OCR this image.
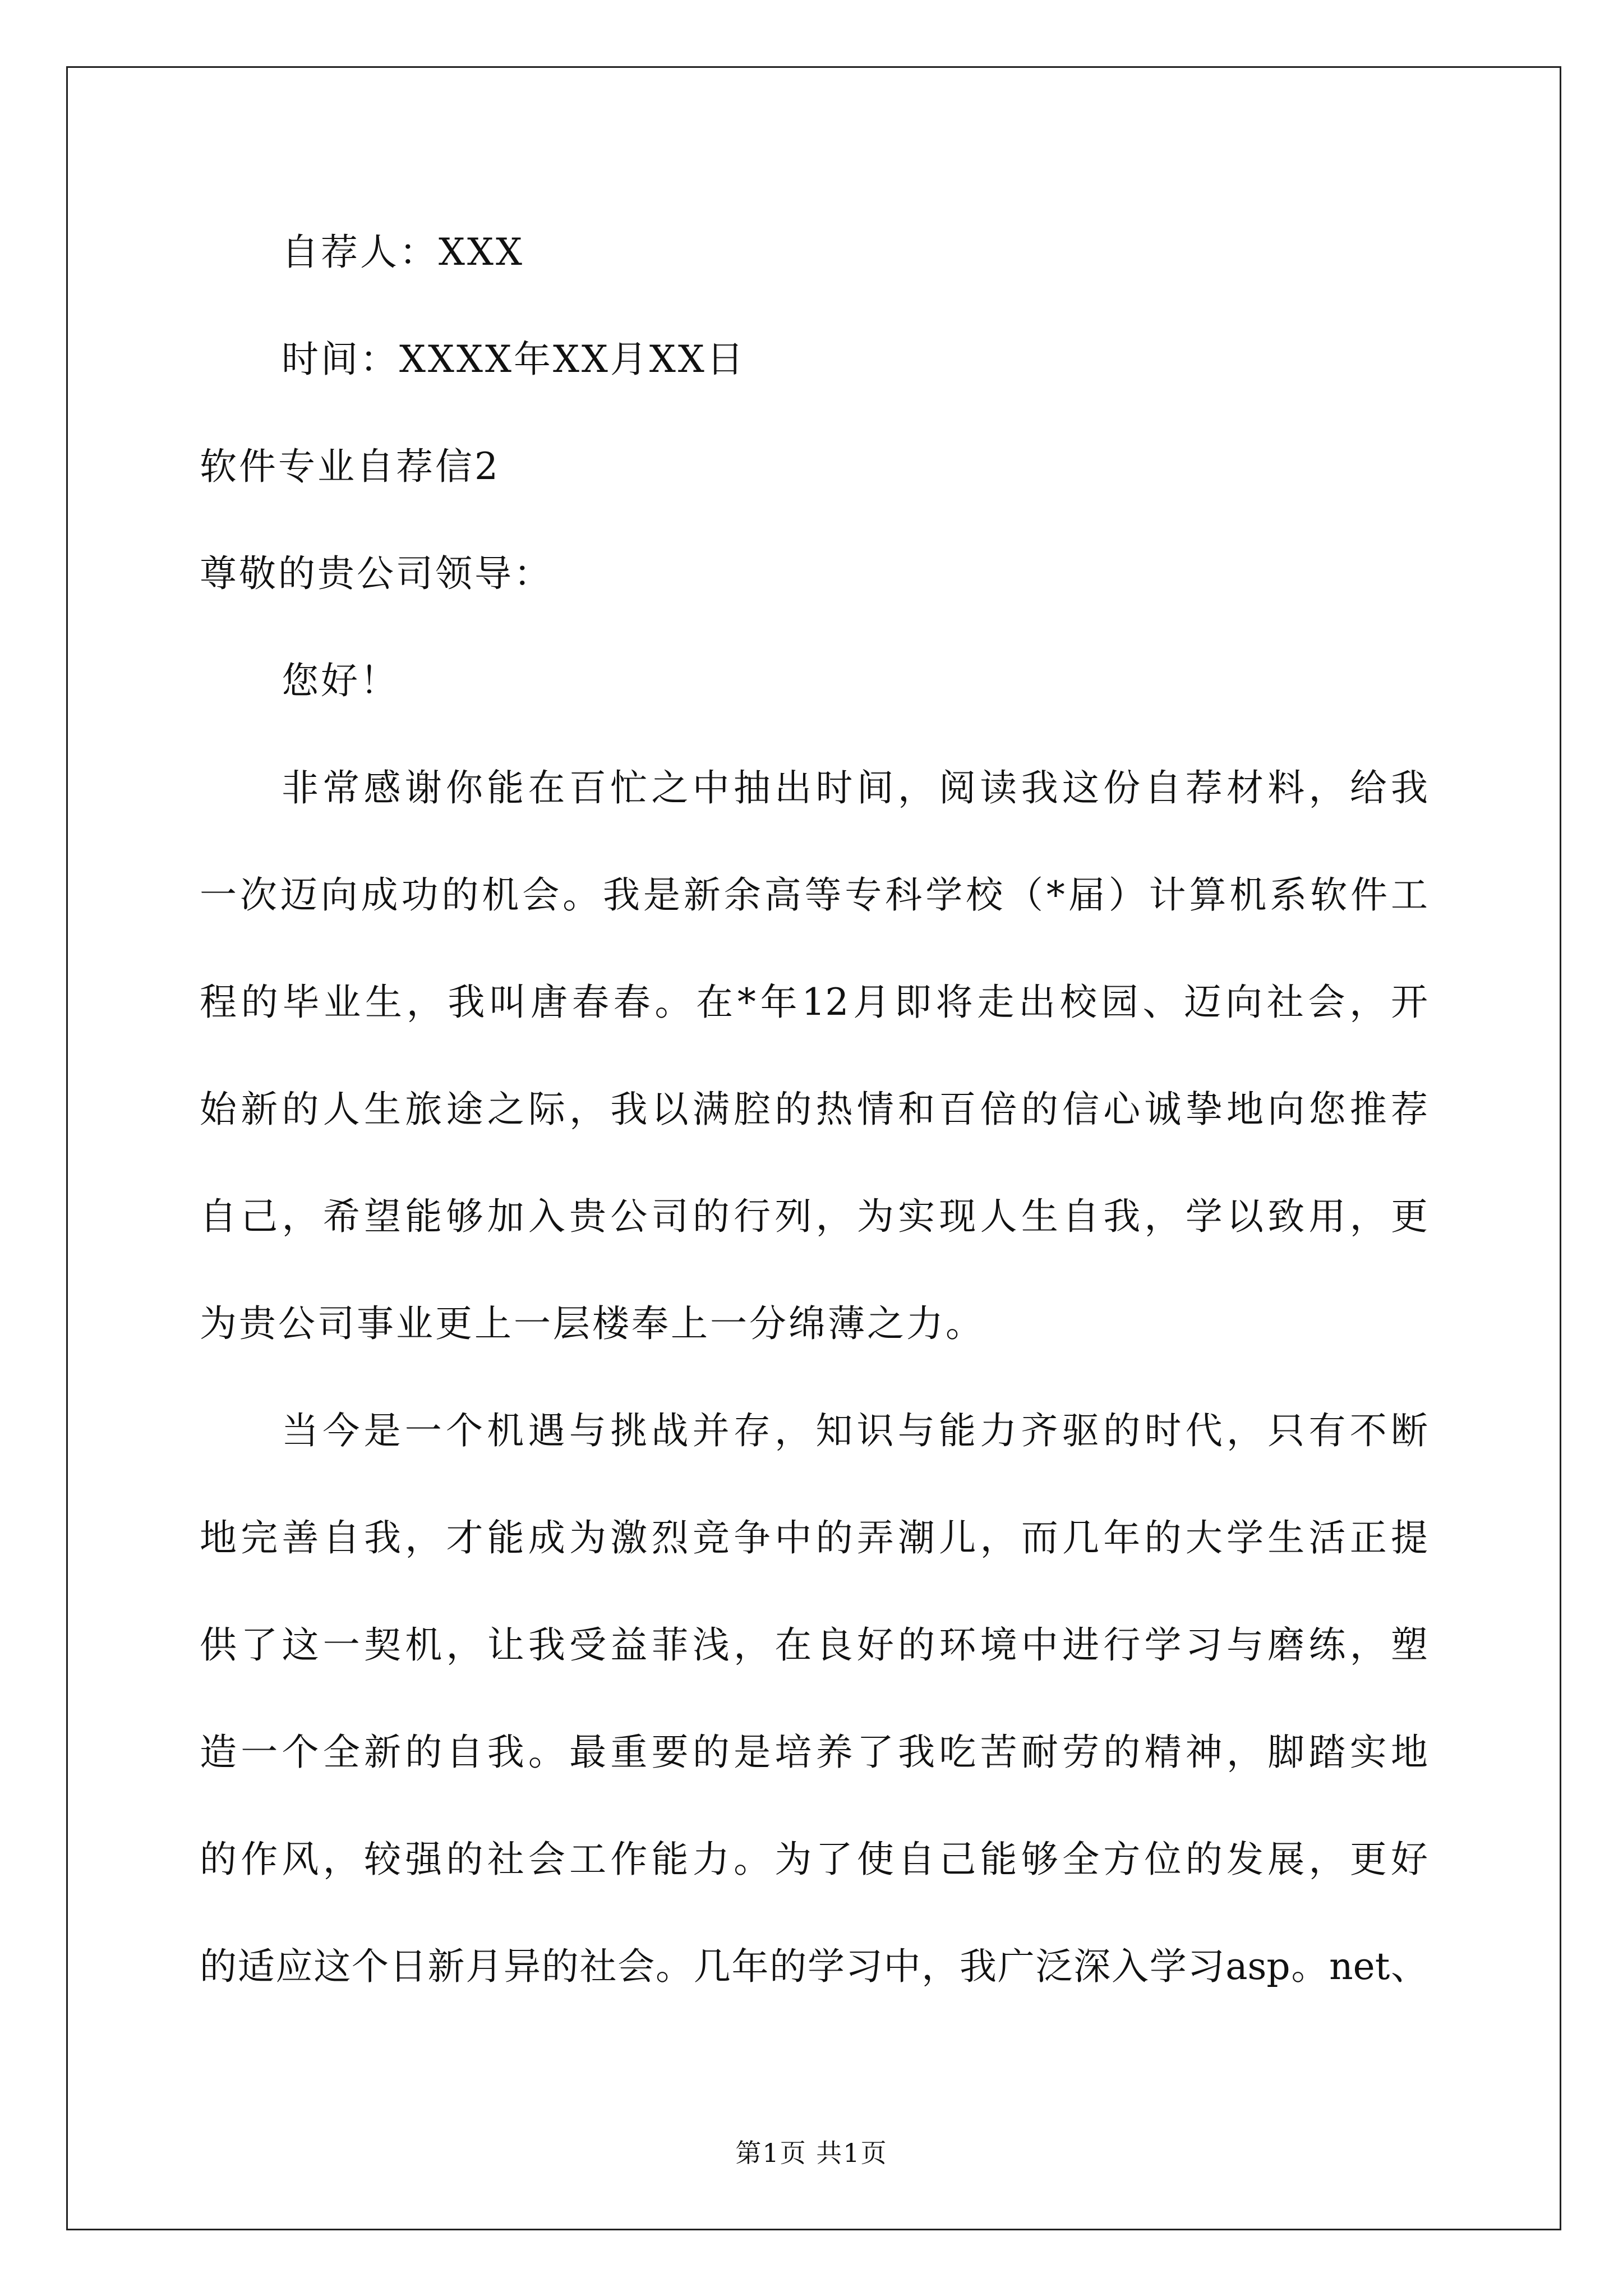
自荐人：XXX
时间：XXXX年XX月XX日
软件专业自荐信2
尊敬的贵公司领导：
您好！
非常感谢你能在百忙之中抽出时间，阅读我这份自荐材料，给我
一次迈向成功的机会。我是新余高等专科学校（*届）计算机系软件工
程的毕业生，我叫唐春春。在*年12月即将走出校园、迈向社会，开
始新的人生旅途之际，我以满腔的热情和百倍的信心诚挚地向您推荐
自己，希望能够加入贵公司的行列，为实现人生自我，学以致用，更
为贵公司事业更上一层楼奉上一分绵薄之力。
当今是一个机遇与挑战并存，知识与能力齐驱的时代，只有不断
地完善自我，才能成为激烈竞争中的弄潮儿，而几年的大学生活正提
供了这一契机，让我受益菲浅，在良好的环境中进行学习与磨练，塑
造一个全新的自我。最重要的是培养了我吃苦耐劳的精神，脚踏实地
的作风，较强的社会工作能力。为了使自己能够全方位的发展，更好
的适应这个日新月异的社会。几年的学习中，我广泛深入学习asp。net、
第1页 共1页
